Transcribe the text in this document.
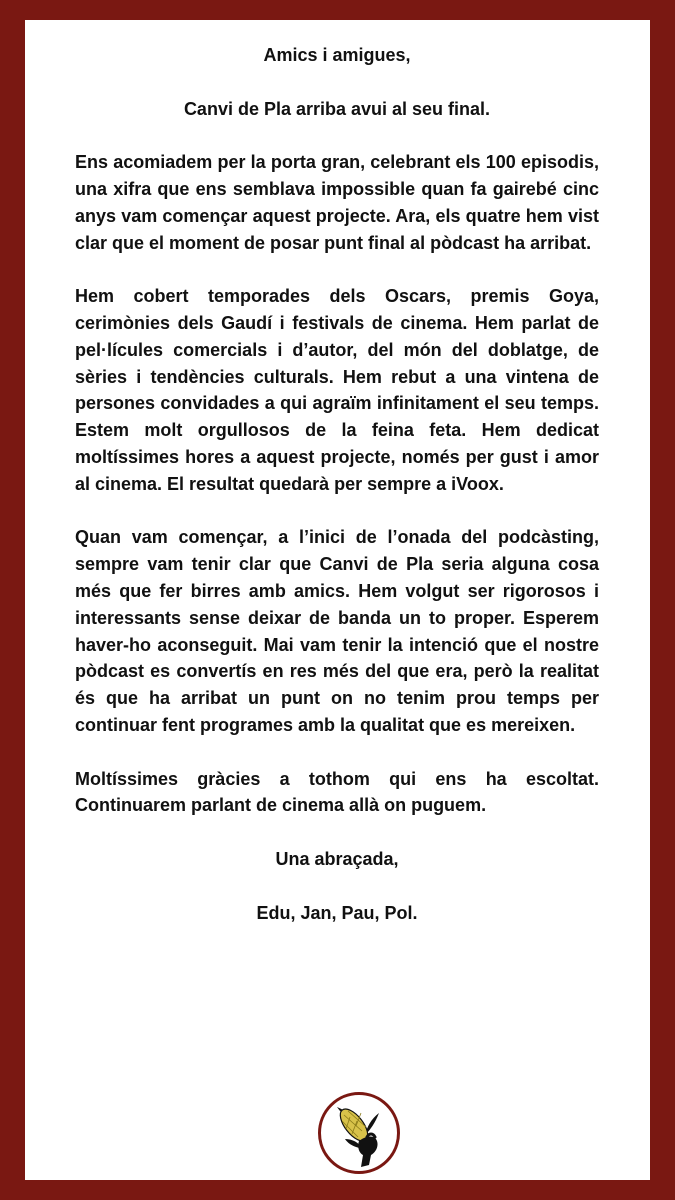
Amics i amigues,

Canvi de Pla arriba avui al seu final.

Ens acomiadem per la porta gran, celebrant els 100 episodis, una xifra que ens semblava impossible quan fa gairebé cinc anys vam començar aquest projecte. Ara, els quatre hem vist clar que el moment de posar punt final al pòdcast ha arribat.

Hem cobert temporades dels Oscars, premis Goya, cerimònies dels Gaudí i festivals de cinema. Hem parlat de pel·lícules comercials i d’autor, del món del doblatge, de sèries i tendències culturals. Hem rebut a una vintena de persones convidades a qui agraïm infinitament el seu temps. Estem molt orgullosos de la feina feta. Hem dedicat moltíssimes hores a aquest projecte, només per gust i amor al cinema. El resultat quedarà per sempre a iVoox.

Quan vam començar, a l’inici de l’onada del podcàsting, sempre vam tenir clar que Canvi de Pla seria alguna cosa més que fer birres amb amics. Hem volgut ser rigorosos i interessants sense deixar de banda un to proper. Esperem haver-ho aconseguit. Mai vam tenir la intenció que el nostre pòdcast es convertís en res més del que era, però la realitat és que ha arribat un punt on no tenim prou temps per continuar fent programes amb la qualitat que es mereixen.

Moltíssimes gràcies a tothom qui ens ha escoltat. Continuarem parlant de cinema allà on puguem.

Una abraçada,

Edu, Jan, Pau, Pol.
